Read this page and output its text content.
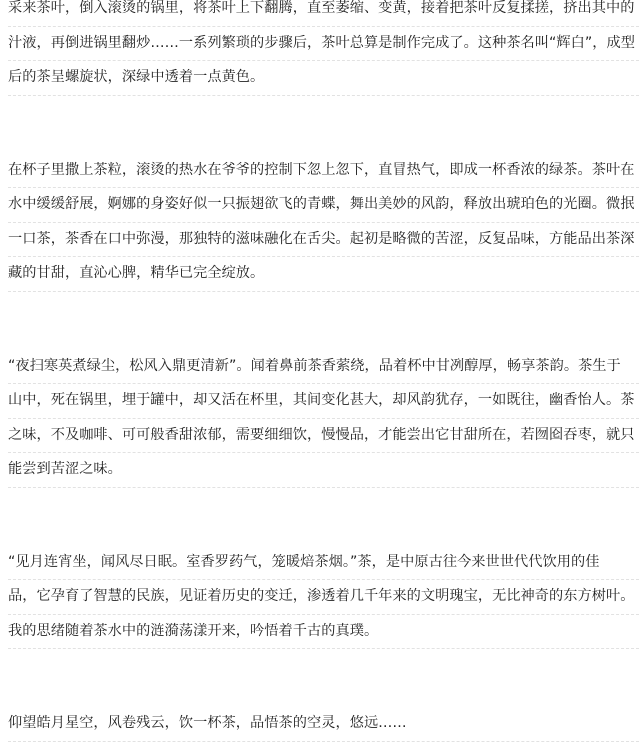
采来茶叶，倒入滚烫的锅里，将茶叶上下翻腾，直至萎缩、变黄，接着把茶叶反复揉搓，挤出其中的
汁液，再倒进锅里翻炒……一系列繁琐的步骤后，茶叶总算是制作完成了。这种茶名叫“辉白”，成型
后的茶呈螺旋状，深绿中透着一点黄色。
在杯子里撒上茶粒，滚烫的热水在爷爷的控制下忽上忽下，直冒热气，即成一杯香浓的绿茶。茶叶在
水中缓缓舒展，婀娜的身姿好似一只振翅欲飞的青蝶，舞出美妙的风韵，释放出琥珀色的光圈。微抿
一口茶，茶香在口中弥漫，那独特的滋味融化在舌尖。起初是略微的苦涩，反复品味，方能品出茶深
藏的甘甜，直沁心脾，精华已完全绽放。
“夜扫寒英煮绿尘，松风入鼎更清新”。闻着鼻前茶香萦绕，品着杯中甘冽醇厚，畅享茶韵。茶生于
山中，死在锅里，埋于罐中，却又活在杯里，其间变化甚大，却风韵犹存，一如既往，幽香怡人。茶
之味，不及咖啡、可可般香甜浓郁，需要细细饮，慢慢品，才能尝出它甘甜所在，若囫囵吞枣，就只
能尝到苦涩之味。
“见月连宵坐，闻风尽日眠。室香罗药气，笼暖焙茶烟。”茶，是中原古往今来世世代代饮用的佳
品，它孕育了智慧的民族，见证着历史的变迁，渗透着几千年来的文明瑰宝，无比神奇的东方树叶。
我的思绪随着茶水中的涟漪荡漾开来，吟悟着千古的真璞。
仰望皓月星空，风卷残云，饮一杯茶，品悟茶的空灵，悠远……
